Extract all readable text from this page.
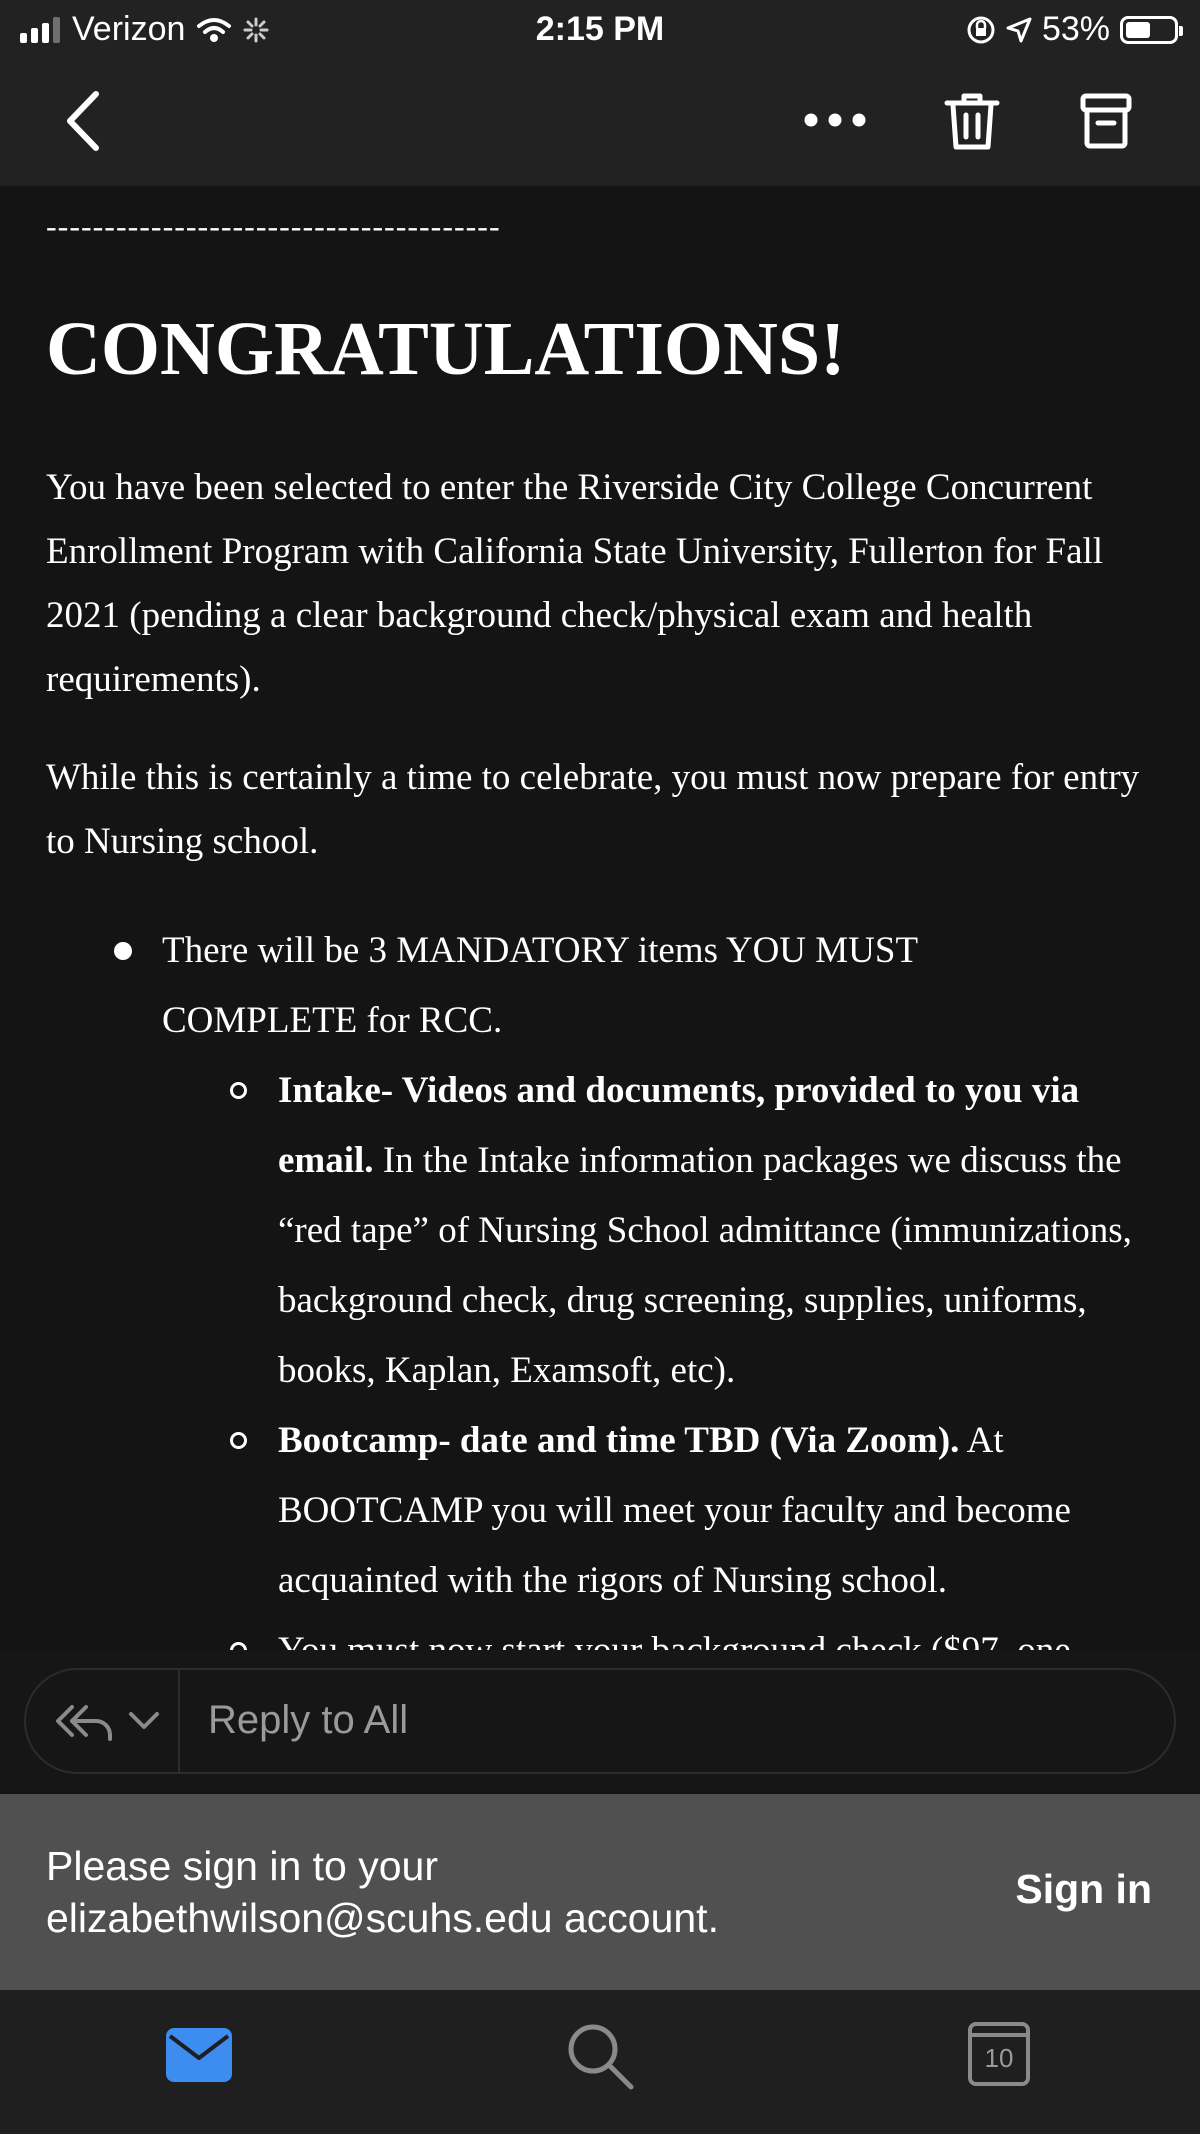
Verizon	2:15 PM	53%
---------------------------------------
CONGRATULATIONS!

You have been selected to enter the Riverside City College Concurrent Enrollment Program with California State University, Fullerton for Fall 2021 (pending a clear background check/physical exam and health requirements).

While this is certainly a time to celebrate, you must now prepare for entry to Nursing school.

There will be 3 MANDATORY items YOU MUST COMPLETE for RCC.
Intake- Videos and documents, provided to you via email. In the Intake information packages we discuss the “red tape” of Nursing School admittance (immunizations, background check, drug screening, supplies, uniforms, books, Kaplan, Examsoft, etc).
Bootcamp- date and time TBD (Via Zoom). At BOOTCAMP you will meet your faculty and become acquainted with the rigors of Nursing school.
Reply to All
Please sign in to your elizabethwilson@scuhs.edu account.
Sign in
10
